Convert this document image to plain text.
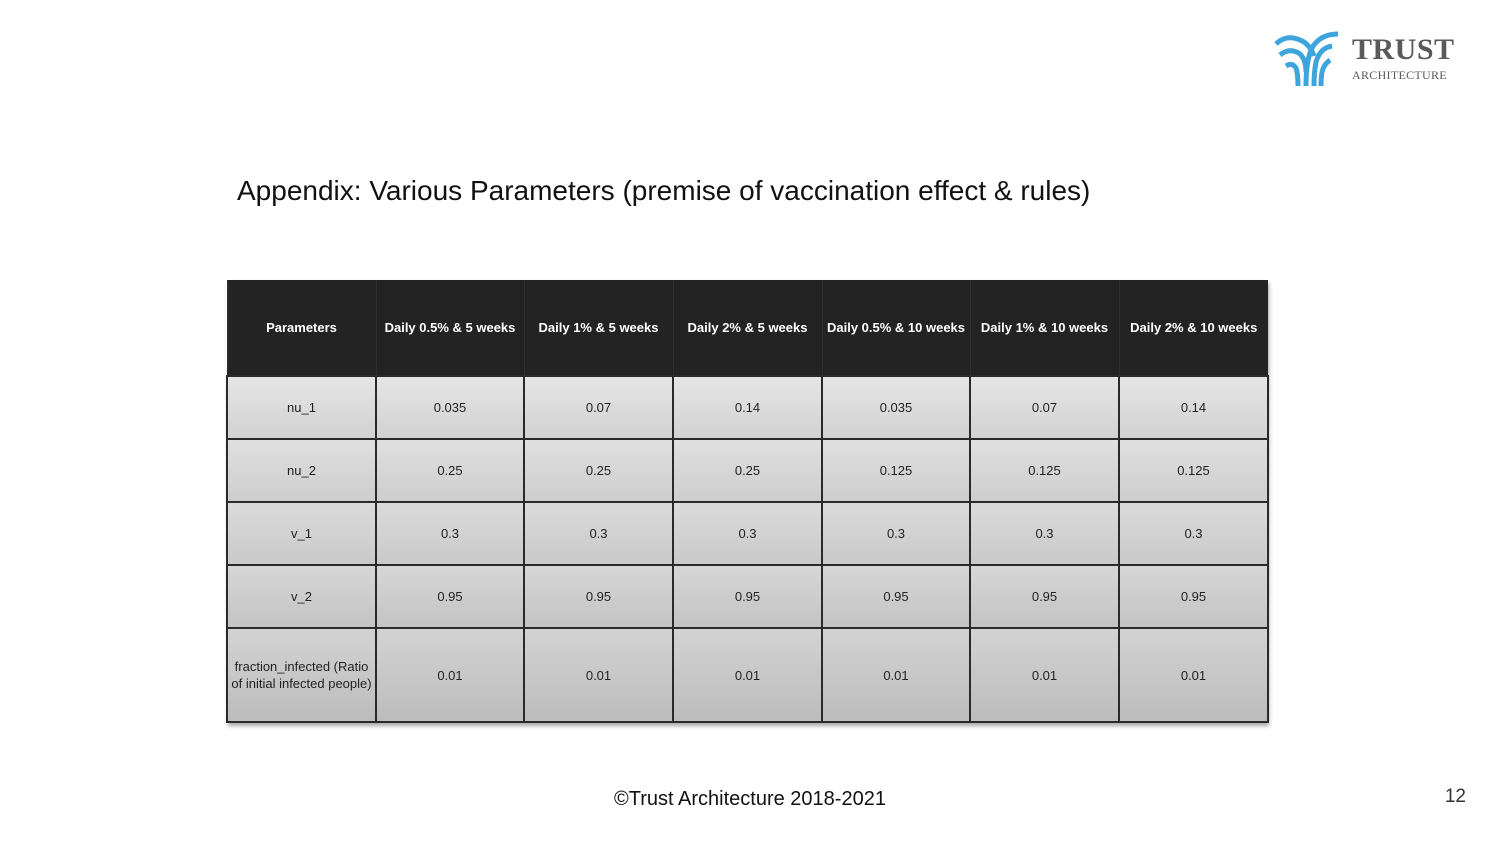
TRUST
ARCHITECTURE
Appendix: Various Parameters (premise of vaccination effect & rules)
Parameters	Daily 0.5% & 5 weeks	Daily 1% & 5 weeks	Daily 2% & 5 weeks	Daily 0.5% & 10 weeks	Daily 1% & 10 weeks	Daily 2% & 10 weeks
nu_1	0.035	0.07	0.14	0.035	0.07	0.14
nu_2	0.25	0.25	0.25	0.125	0.125	0.125
v_1	0.3	0.3	0.3	0.3	0.3	0.3
v_2	0.95	0.95	0.95	0.95	0.95	0.95
fraction_infected (Ratio of initial infected people)	0.01	0.01	0.01	0.01	0.01	0.01
©Trust Architecture 2018-2021	12
